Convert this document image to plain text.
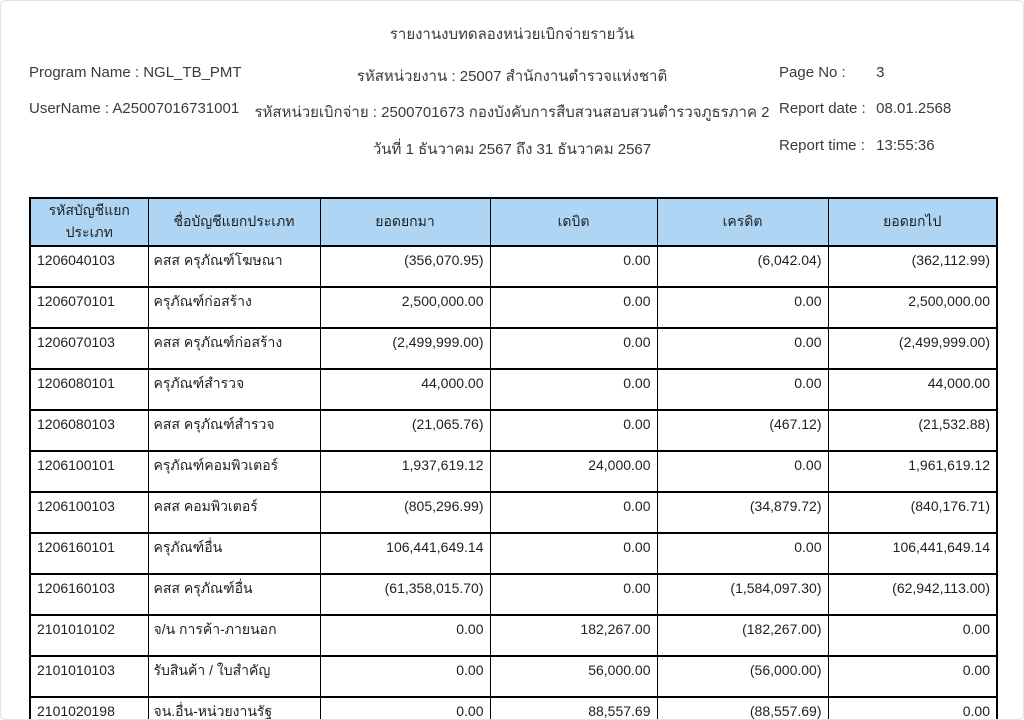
รายงานงบทดลองหน่วยเบิกจ่ายรายวัน
Program Name : NGL_TB_PMT	รหัสหน่วยงาน : 25007 สำนักงานตำรวจแห่งชาติ	Page No : 3
UserName : A25007016731001	รหัสหน่วยเบิกจ่าย : 2500701673 กองบังคับการสืบสวนสอบสวนตำรวจภูธรภาค 2 Report date : 08.01.2568
วันที่ 1 ธันวาคม 2567 ถึง 31 ธันวาคม 2567	Report time : 13:55:36
รหัสบัญชีแยกประเภท	ชื่อบัญชีแยกประเภท	ยอดยกมา	เดบิต	เครดิต	ยอดยกไป
1206040103	คสส ครุภัณฑ์โฆษณา	(356,070.95)	0.00	(6,042.04)	(362,112.99)
1206070101	ครุภัณฑ์ก่อสร้าง	2,500,000.00	0.00	0.00	2,500,000.00
1206070103	คสส ครุภัณฑ์ก่อสร้าง	(2,499,999.00)	0.00	0.00	(2,499,999.00)
1206080101	ครุภัณฑ์สำรวจ	44,000.00	0.00	0.00	44,000.00
1206080103	คสส ครุภัณฑ์สำรวจ	(21,065.76)	0.00	(467.12)	(21,532.88)
1206100101	ครุภัณฑ์คอมพิวเตอร์	1,937,619.12	24,000.00	0.00	1,961,619.12
1206100103	คสส คอมพิวเตอร์	(805,296.99)	0.00	(34,879.72)	(840,176.71)
1206160101	ครุภัณฑ์อื่น	106,441,649.14	0.00	0.00	106,441,649.14
1206160103	คสส ครุภัณฑ์อื่น	(61,358,015.70)	0.00	(1,584,097.30)	(62,942,113.00)
2101010102	จ/น การค้า-ภายนอก	0.00	182,267.00	(182,267.00)	0.00
2101010103	รับสินค้า / ใบสำคัญ	0.00	56,000.00	(56,000.00)	0.00
2101020198	จน.อื่น-หน่วยงานรัฐ	0.00	88,557.69	(88,557.69)	0.00
